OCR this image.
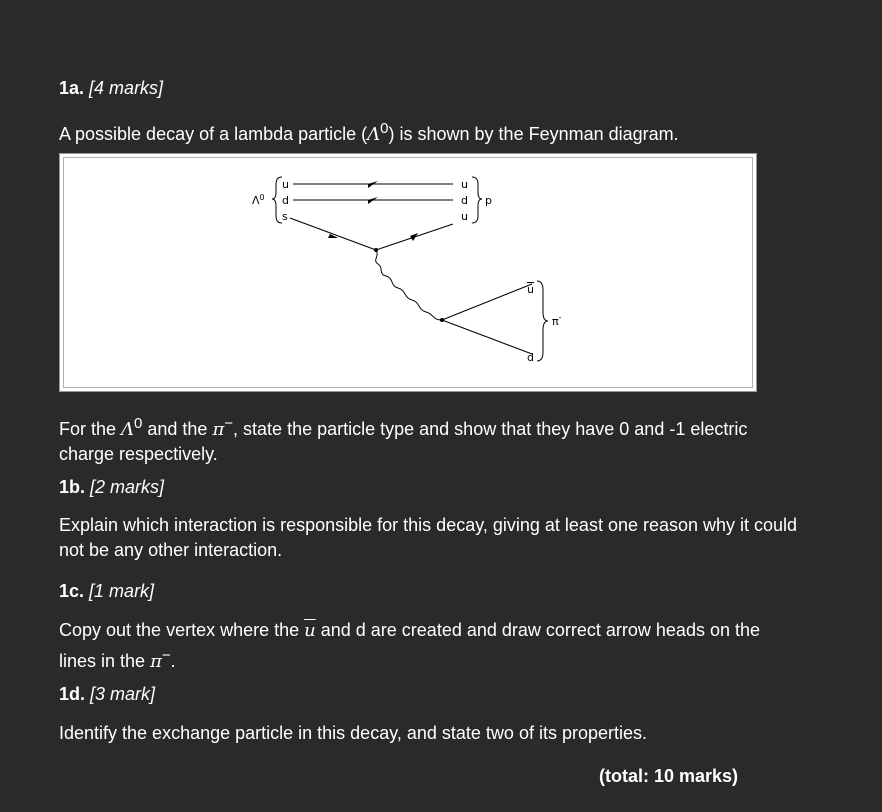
1a. [4 marks]
A possible decay of a lambda particle $(\Lambda^0)$ is shown by the Feynman diagram.
$\Lambda^0$
u
d
s
u
d
u
p
u
d
π-
For the $\Lambda^0$ and the π−, state the particle type and show that they have 0 and -1 electric charge respectively.
1b. [2 marks]
Explain which interaction is responsible for this decay, giving at least one reason why it could not be any other interaction.
1c. [1 mark]
Copy out the vertex where the $\overline{u}$ and d are created and draw correct arrow heads on the lines in the π−.
1d. [3 mark]
Identify the exchange particle in this decay, and state two of its properties.
(total: 10 marks)
